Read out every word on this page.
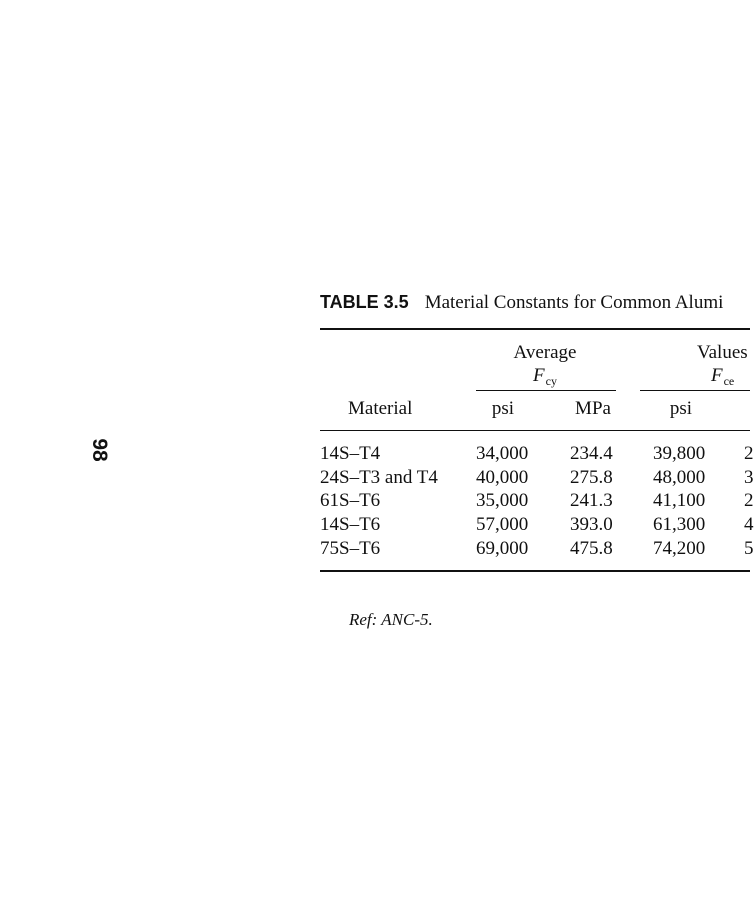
98
TABLE 3.5 Material Constants for Common Alumi
Average
$F_{cy}$
Values
$F_{ce}$
Material	psi	MPa	psi
14S–T4	34,000 234.4 39,800 2
24S–T3 and T4 40,000 275.8 48,000 3
61S–T6	35,000 241.3 41,100 2
14S–T6	57,000 393.0 61,300 4
75S–T6	69,000 475.8 74,200 5
Ref: ANC-5.
